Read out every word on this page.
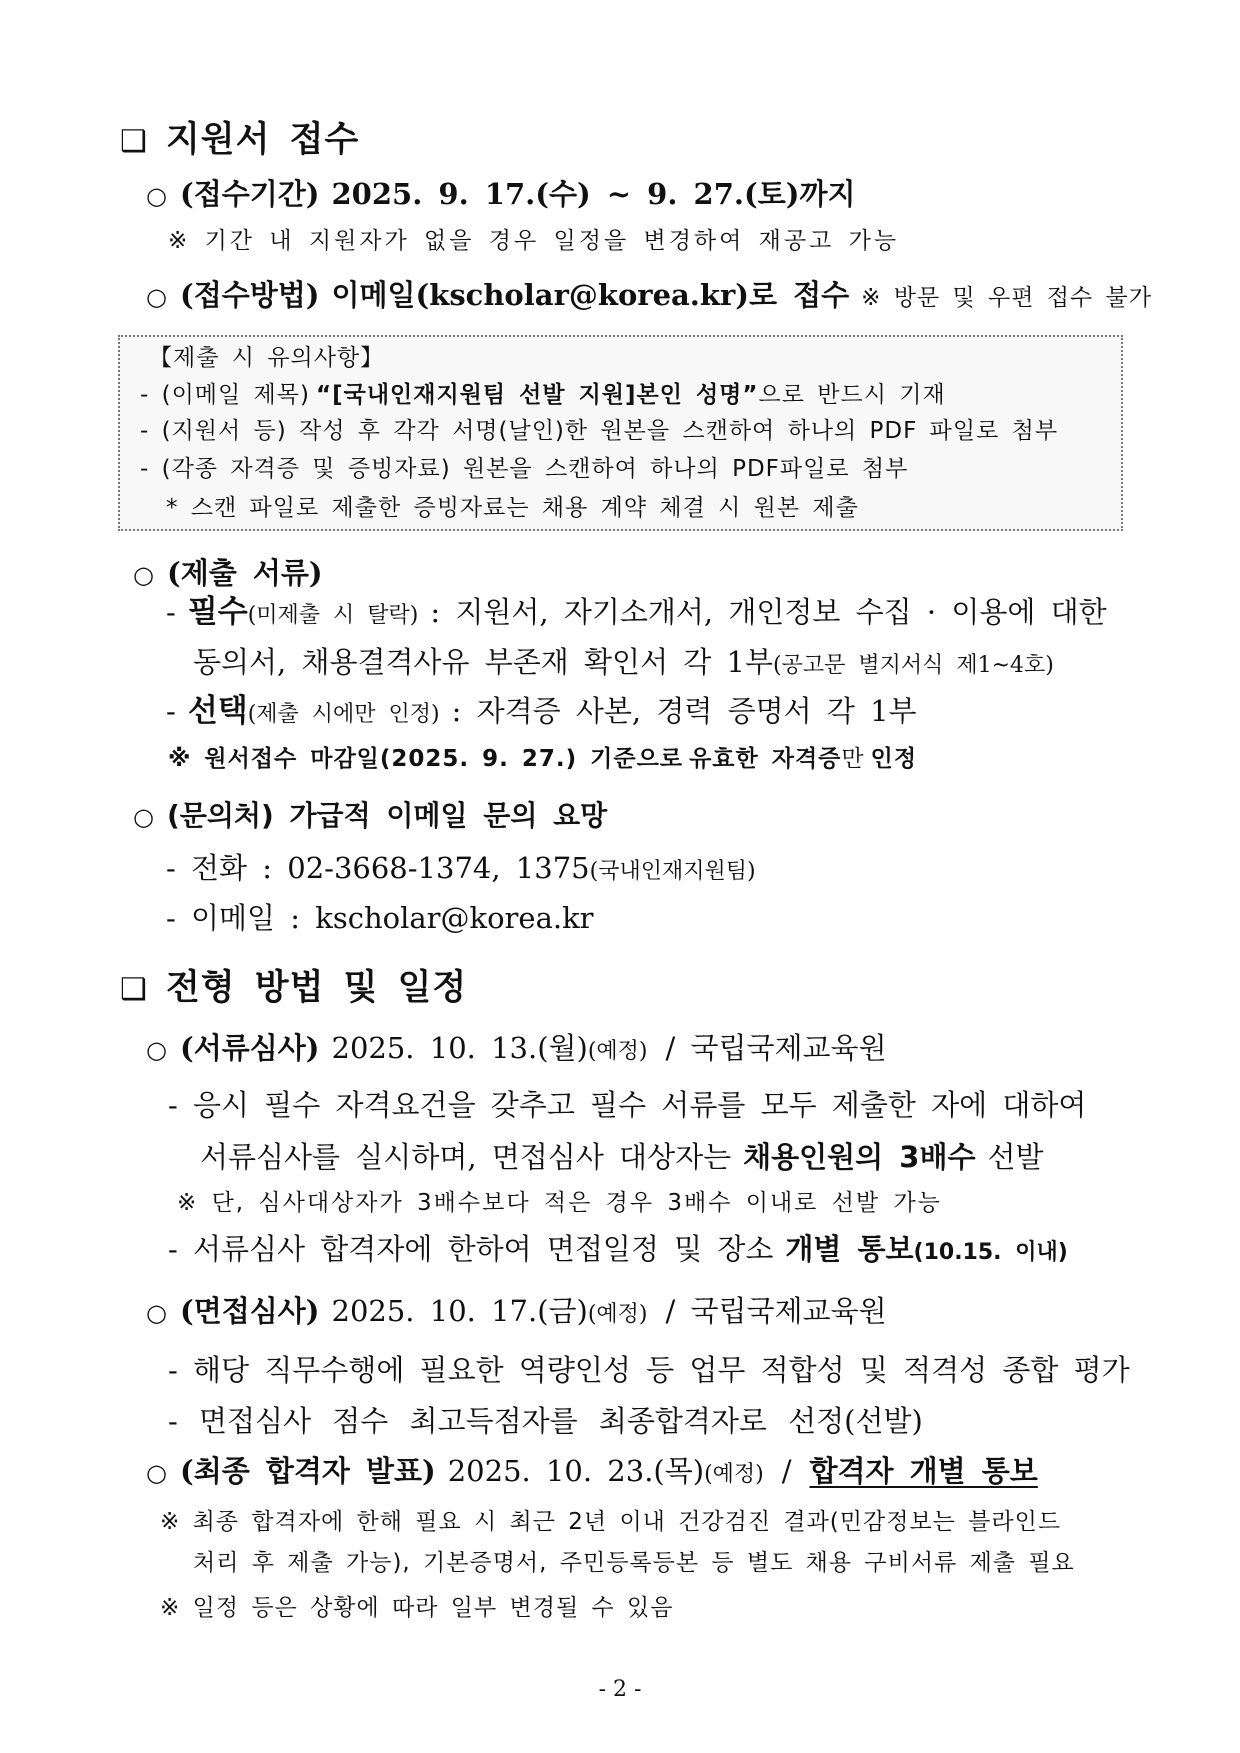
❑ 지원서 접수
○ (접수기간) 2025. 9. 17.(수) ~ 9. 27.(토)까지
※ 기간 내 지원자가 없을 경우 일정을 변경하여 재공고 가능
○ (접수방법) 이메일(kscholar@korea.kr)로 접수 ※ 방문 및 우편 접수 불가
【제출 시 유의사항】
- (이메일 제목) “[국내인재지원팀 선발 지원]본인 성명”으로 반드시 기재
- (지원서 등) 작성 후 각각 서명(날인)한 원본을 스캔하여 하나의 PDF 파일로 첨부
- (각종 자격증 및 증빙자료) 원본을 스캔하여 하나의 PDF파일로 첨부
* 스캔 파일로 제출한 증빙자료는 채용 계약 체결 시 원본 제출
○ (제출 서류)
- 필수(미제출 시 탈락) : 지원서, 자기소개서, 개인정보 수집 · 이용에 대한
동의서, 채용결격사유 부존재 확인서 각 1부(공고문 별지서식 제1~4호)
- 선택(제출 시에만 인정) : 자격증 사본, 경력 증명서 각 1부
※ 원서접수 마감일(2025. 9. 27.) 기준으로 유효한 자격증만 인정
○ (문의처) 가급적 이메일 문의 요망
- 전화 : 02-3668-1374, 1375(국내인재지원팀)
- 이메일 : kscholar@korea.kr
❑ 전형 방법 및 일정
○ (서류심사) 2025. 10. 13.(월)(예정) / 국립국제교육원
- 응시 필수 자격요건을 갖추고 필수 서류를 모두 제출한 자에 대하여
서류심사를 실시하며, 면접심사 대상자는 채용인원의 3배수 선발
※ 단, 심사대상자가 3배수보다 적은 경우 3배수 이내로 선발 가능
- 서류심사 합격자에 한하여 면접일정 및 장소 개별 통보(10.15. 이내)
○ (면접심사) 2025. 10. 17.(금)(예정) / 국립국제교육원
- 해당 직무수행에 필요한 역량인성 등 업무 적합성 및 적격성 종합 평가
- 면접심사 점수 최고득점자를 최종합격자로 선정(선발)
○ (최종 합격자 발표) 2025. 10. 23.(목)(예정) / 합격자 개별 통보
※ 최종 합격자에 한해 필요 시 최근 2년 이내 건강검진 결과(민감정보는 블라인드
처리 후 제출 가능), 기본증명서, 주민등록등본 등 별도 채용 구비서류 제출 필요
※ 일정 등은 상황에 따라 일부 변경될 수 있음
- 2 -
